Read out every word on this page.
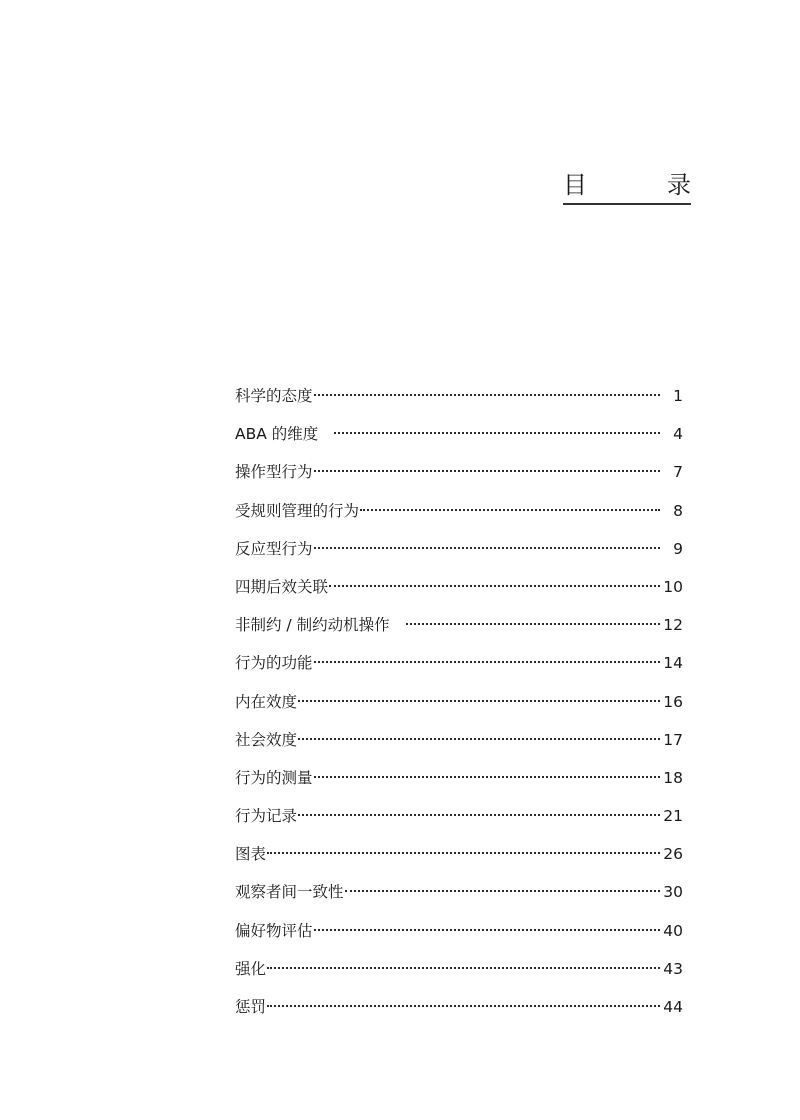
目	录
科学的态度	1
ABA 的维度	4
操作型行为	7
受规则管理的行为	8
反应型行为	9
四期后效关联	10
非制约 / 制约动机操作	12
行为的功能	14
内在效度	16
社会效度	17
行为的测量	18
行为记录	21
图表	26
观察者间一致性	30
偏好物评估	40
强化	43
惩罚	44
